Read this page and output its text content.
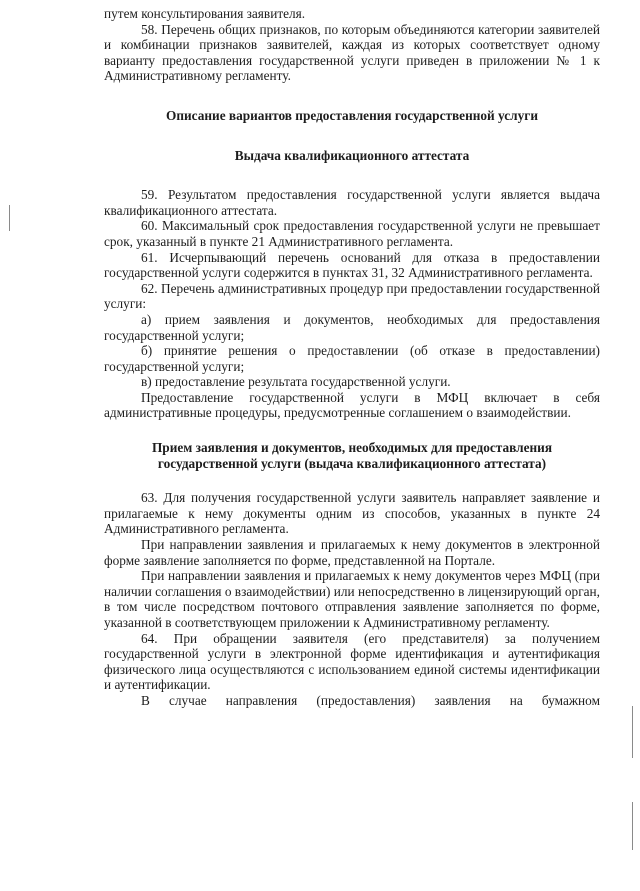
путем консультирования заявителя.

58. Перечень общих признаков, по которым объединяются категории заявителей и комбинации признаков заявителей, каждая из которых соответствует одному варианту предоставления государственной услуги приведен в приложении № 1 к Административному регламенту.

Описание вариантов предоставления государственной услуги

Выдача квалификационного аттестата

59. Результатом предоставления государственной услуги является выдача квалификационного аттестата.

60. Максимальный срок предоставления государственной услуги не превышает срок, указанный в пункте 21 Административного регламента.

61. Исчерпывающий перечень оснований для отказа в предоставлении государственной услуги содержится в пунктах 31, 32 Административного регламента.

62. Перечень административных процедур при предоставлении государственной услуги:

а) прием заявления и документов, необходимых для предоставления государственной услуги;

б) принятие решения о предоставлении (об отказе в предоставлении) государственной услуги;

в) предоставление результата государственной услуги.

Предоставление государственной услуги в МФЦ включает в себя административные процедуры, предусмотренные соглашением о взаимодействии.

Прием заявления и документов, необходимых для предоставления государственной услуги (выдача квалификационного аттестата)

63. Для получения государственной услуги заявитель направляет заявление и прилагаемые к нему документы одним из способов, указанных в пункте 24 Административного регламента.

При направлении заявления и прилагаемых к нему документов в электронной форме заявление заполняется по форме, представленной на Портале.

При направлении заявления и прилагаемых к нему документов через МФЦ (при наличии соглашения о взаимодействии) или непосредственно в лицензирующий орган, в том числе посредством почтового отправления заявление заполняется по форме, указанной в соответствующем приложении к Административному регламенту.

64. При обращении заявителя (его представителя) за получением государственной услуги в электронной форме идентификация и аутентификация физического лица осуществляются с использованием единой системы идентификации и аутентификации.

В случае направления (предоставления) заявления на бумажном
